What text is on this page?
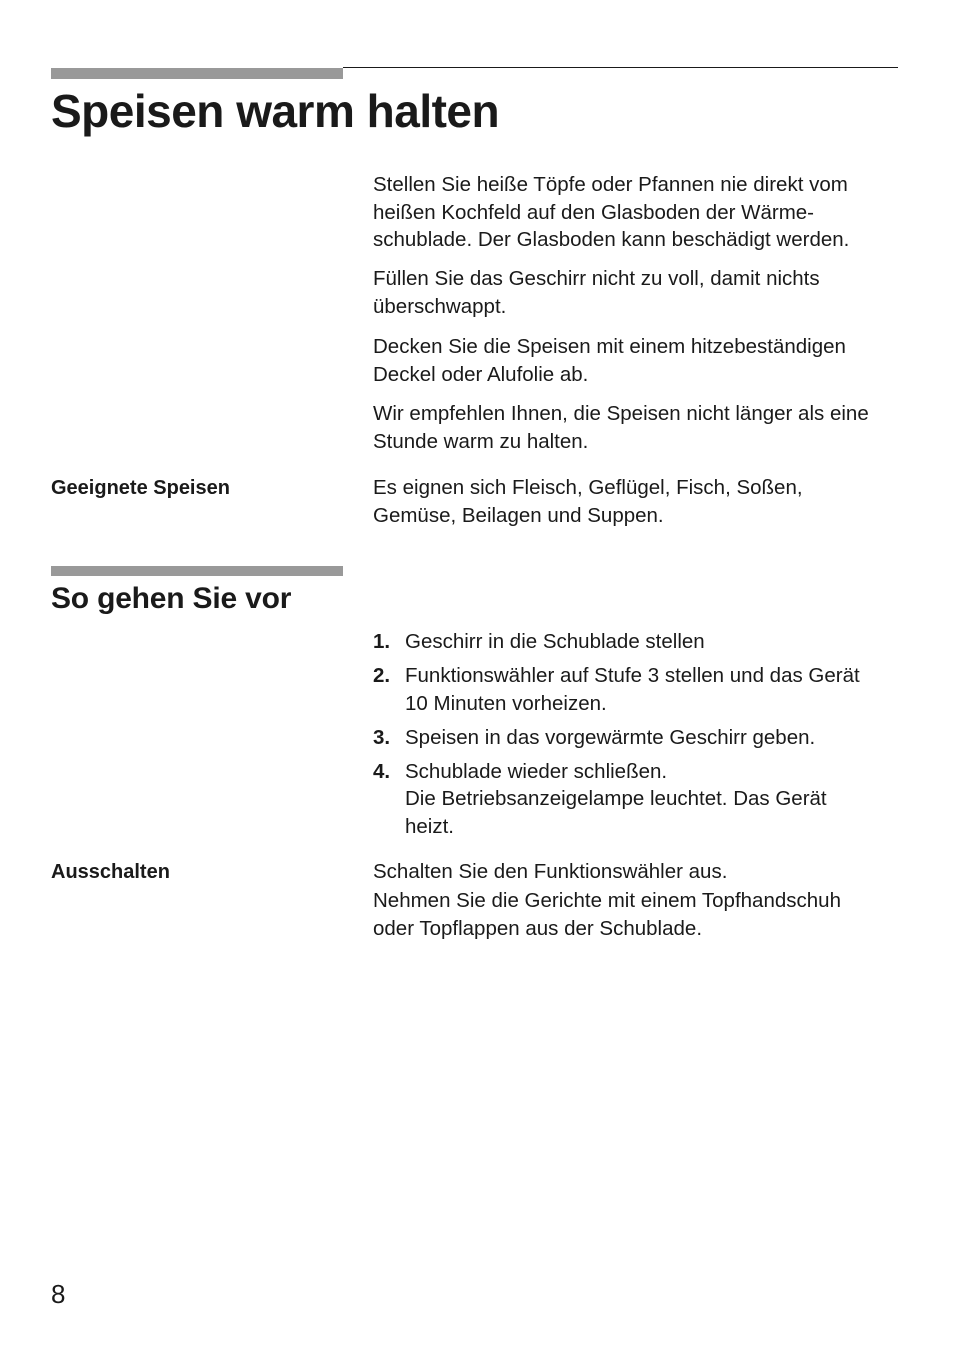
Speisen warm halten

Stellen Sie heiße Töpfe oder Pfannen nie direkt vom
heißen Kochfeld auf den Glasboden der Wärme-
schublade. Der Glasboden kann beschädigt werden.

Füllen Sie das Geschirr nicht zu voll, damit nichts
überschwappt.

Decken Sie die Speisen mit einem hitzebeständigen
Deckel oder Alufolie ab.

Wir empfehlen Ihnen, die Speisen nicht länger als eine
Stunde warm zu halten.

Geeignete Speisen	Es eignen sich Fleisch, Geflügel, Fisch, Soßen,
Gemüse, Beilagen und Suppen.

So gehen Sie vor
1. Geschirr in die Schublade stellen
2. Funktionswähler auf Stufe 3 stellen und das Gerät
10 Minuten vorheizen.
3. Speisen in das vorgewärmte Geschirr geben.
4. Schublade wieder schließen.
Die Betriebsanzeigelampe leuchtet. Das Gerät
heizt.
Ausschalten	Schalten Sie den Funktionswähler aus.
Nehmen Sie die Gerichte mit einem Topfhandschuh
oder Topflappen aus der Schublade.

8
